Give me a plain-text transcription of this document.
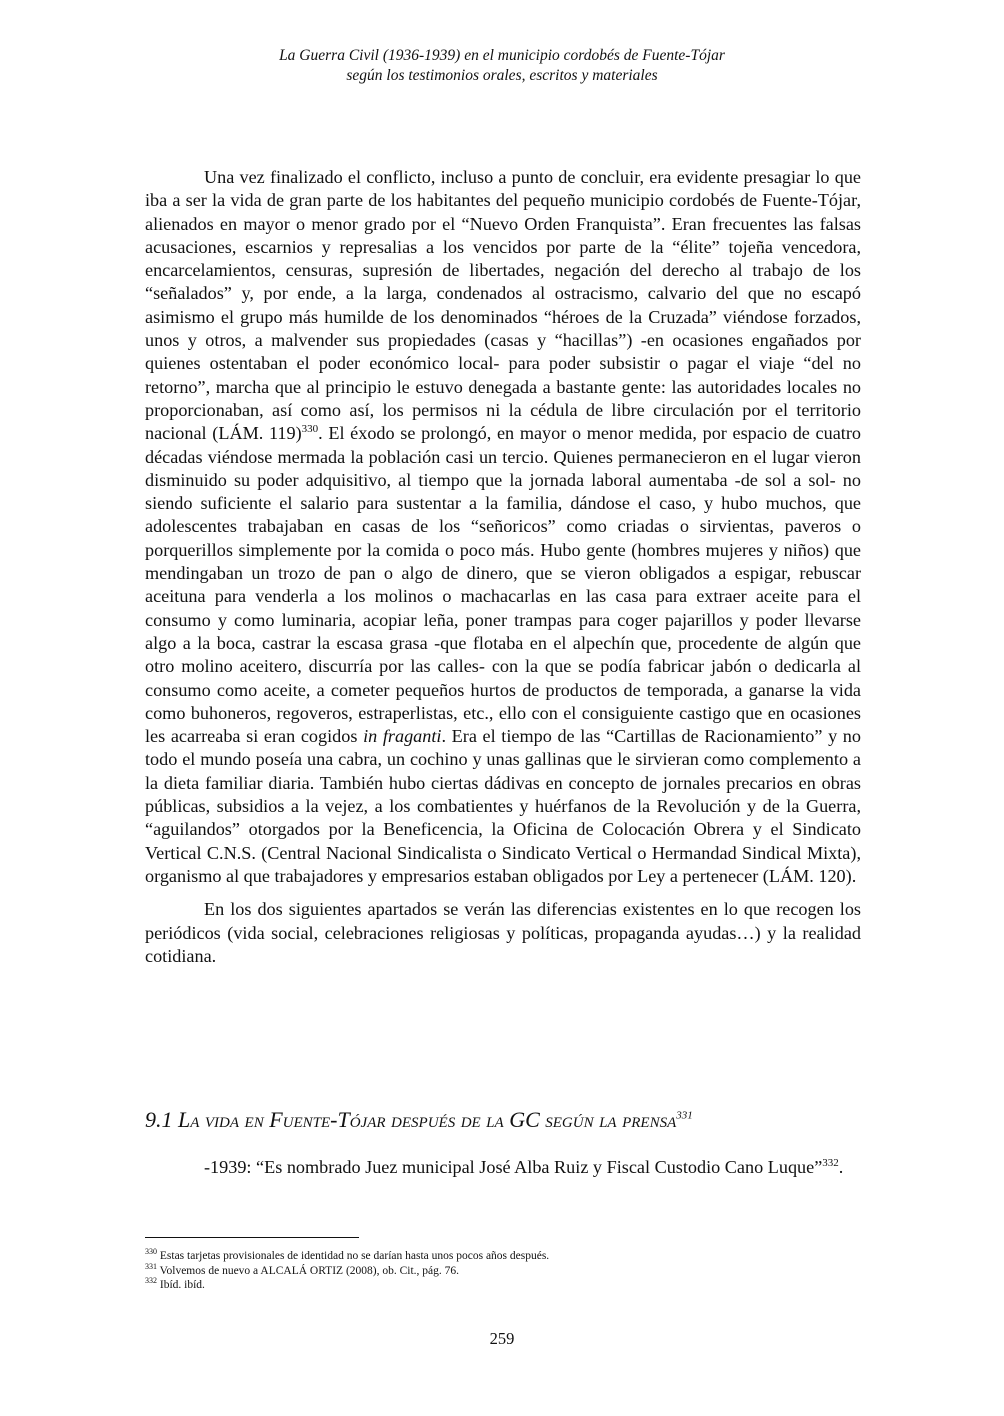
La Guerra Civil (1936-1939) en el municipio cordobés de Fuente-Tójar
según los testimonios orales, escritos y materiales

Una vez finalizado el conflicto, incluso a punto de concluir, era evidente presagiar lo que iba a ser la vida de gran parte de los habitantes del pequeño municipio cordobés de Fuente-Tójar, alienados en mayor o menor grado por el “Nuevo Orden Franquista”. Eran frecuentes las falsas acusaciones, escarnios y represalias a los vencidos por parte de la “élite” tojeña vencedora, encarcelamientos, censuras, supresión de libertades, negación del derecho al trabajo de los “señalados” y, por ende, a la larga, condenados al ostracismo, calvario del que no escapó asimismo el grupo más humilde de los denominados “héroes de la Cruzada” viéndose forzados, unos y otros, a malvender sus propiedades (casas y “hacillas”) -en ocasiones engañados por quienes ostentaban el poder económico local- para poder subsistir o pagar el viaje “del no retorno”, marcha que al principio le estuvo denegada a bastante gente: las autoridades locales no proporcionaban, así como así, los permisos ni la cédula de libre circulación por el territorio nacional (LÁM. 119)$^{330}$. El éxodo se prolongó, en mayor o menor medida, por espacio de cuatro décadas viéndose mermada la población casi un tercio. Quienes permanecieron en el lugar vieron disminuido su poder adquisitivo, al tiempo que la jornada laboral aumentaba -de sol a sol- no siendo suficiente el salario para sustentar a la familia, dándose el caso, y hubo muchos, que adolescentes trabajaban en casas de los “señoricos” como criadas o sirvientas, paveros o porquerillos simplemente por la comida o poco más. Hubo gente (hombres mujeres y niños) que mendingaban un trozo de pan o algo de dinero, que se vieron obligados a espigar, rebuscar aceituna para venderla a los molinos o machacarlas en las casa para extraer aceite para el consumo y como luminaria, acopiar leña, poner trampas para coger pajarillos y poder llevarse algo a la boca, castrar la escasa grasa -que flotaba en el alpechín que, procedente de algún que otro molino aceitero, discurría por las calles- con la que se podía fabricar jabón o dedicarla al consumo como aceite, a cometer pequeños hurtos de productos de temporada, a ganarse la vida como buhoneros, regoveros, estraperlistas, etc., ello con el consiguiente castigo que en ocasiones les acarreaba si eran cogidos in fraganti. Era el tiempo de las “Cartillas de Racionamiento” y no todo el mundo poseía una cabra, un cochino y unas gallinas que le sirvieran como complemento a la dieta familiar diaria. También hubo ciertas dádivas en concepto de jornales precarios en obras públicas, subsidios a la vejez, a los combatientes y huérfanos de la Revolución y de la Guerra, “aguilandos” otorgados por la Beneficencia, la Oficina de Colocación Obrera y el Sindicato Vertical C.N.S. (Central Nacional Sindicalista o Sindicato Vertical o Hermandad Sindical Mixta), organismo al que trabajadores y empresarios estaban obligados por Ley a pertenecer (LÁM. 120).

En los dos siguientes apartados se verán las diferencias existentes en lo que recogen los periódicos (vida social, celebraciones religiosas y políticas, propaganda ayudas…) y la realidad cotidiana.

9.1 La vida en Fuente-Tójar después de la GC según la prensa$^{331}$

-1939: “Es nombrado Juez municipal José Alba Ruiz y Fiscal Custodio Cano Luque”$^{332}$.

$^{330}$ Estas tarjetas provisionales de identidad no se darían hasta unos pocos años después.
$^{331}$ Volvemos de nuevo a ALCALÁ ORTIZ (2008), ob. Cit., pág. 76.
$^{332}$ Ibíd. ibíd.
259
